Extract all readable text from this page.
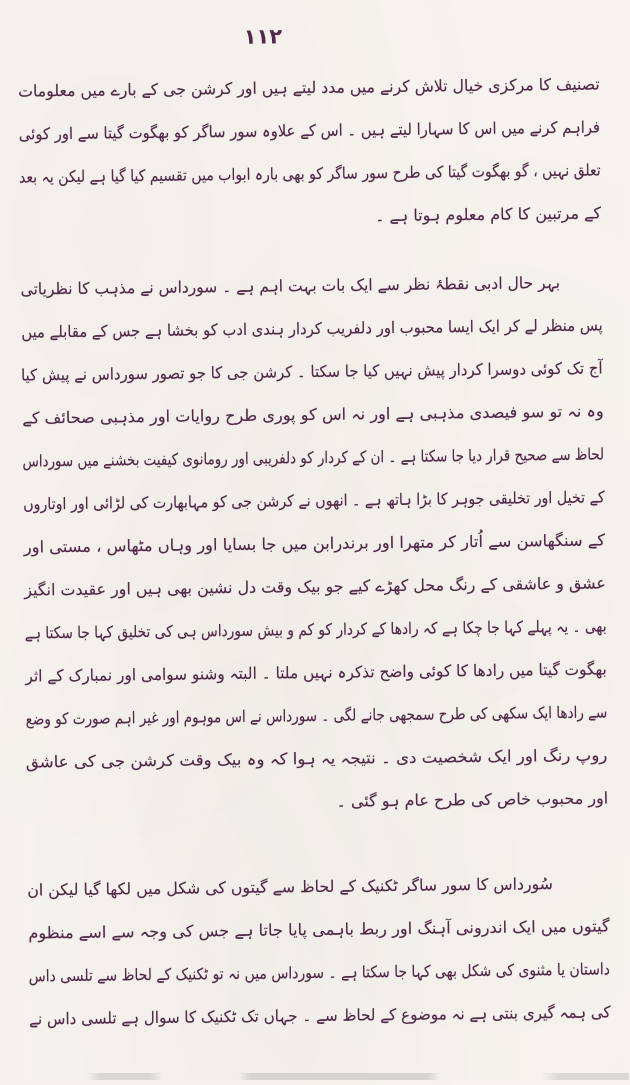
۱۱۲
تصنیف کا مرکزی خیال تلاش کرنے میں مدد لیتے ہیں اور کرشن جی کے بارے میں معلومات
فراہم کرنے میں اس کا سہارا لیتے ہیں ۔ اس کے علاوہ سور ساگر کو بھگوت گیتا سے اور کوئی
تعلق نہیں ، گو بھگوت گیتا کی طرح سور ساگر کو بھی بارہ ابواب میں تقسیم کیا گیا ہے لیکن یہ بعد
کے مرتبین کا کام معلوم ہوتا ہے ۔
بہر حال ادبی نقطۂ نظر سے ایک بات بہت اہم ہے ۔ سورداس نے مذہب کا نظریاتی
پس منظر لے کر ایک ایسا محبوب اور دلفریب کردار ہندی ادب کو بخشا ہے جس کے مقابلے میں
آج تک کوئی دوسرا کردار پیش نہیں کیا جا سکتا ۔ کرشن جی کا جو تصور سورداس نے پیش کیا
وہ نہ تو سو فیصدی مذہبی ہے اور نہ اس کو پوری طرح روایات اور مذہبی صحائف کے
لحاظ سے صحیح قرار دیا جا سکتا ہے ۔ ان کے کردار کو دلفریبی اور رومانوی کیفیت بخشنے میں سورداس
کے تخیل اور تخلیقی جوہر کا بڑا ہاتھ ہے ۔ انھوں نے کرشن جی کو مہابھارت کی لڑائی اور اوتاروں
کے سنگھاسن سے اُتار کر متھرا اور برندرابن میں جا بسایا اور وہاں مٹھاس ، مستی اور
عشق و عاشقی کے رنگ محل کھڑے کیے جو بیک وقت دل نشین بھی ہیں اور عقیدت انگیز
بھی ۔ یہ پہلے کہا جا چکا ہے کہ رادھا کے کردار کو کم و بیش سورداس ہی کی تخلیق کہا جا سکتا ہے
بھگوت گیتا میں رادھا کا کوئی واضح تذکرہ نہیں ملتا ۔ البتہ وشنو سوامی اور نمبارک کے اثر
سے رادھا ایک سکھی کی طرح سمجھی جانے لگی ۔ سورداس نے اس موہوم اور غیر اہم صورت کو وضع
روپ رنگ اور ایک شخصیت دی ۔ نتیجہ یہ ہوا کہ وہ بیک وقت کرشن جی کی عاشق
اور محبوب خاص کی طرح عام ہو گئی ۔
سُورداس کا سور ساگر ٹکنیک کے لحاظ سے گیتوں کی شکل میں لکھا گیا لیکن ان
گیتوں میں ایک اندرونی آہنگ اور ربط باہمی پایا جاتا ہے جس کی وجہ سے اسے منظوم
داستان یا مثنوی کی شکل بھی کہا جا سکتا ہے ۔ سورداس میں نہ تو ٹکنیک کے لحاظ سے تلسی داس
کی ہمہ گیری بنتی ہے نہ موضوع کے لحاظ سے ۔ جہاں تک ٹکنیک کا سوال ہے تلسی داس نے
